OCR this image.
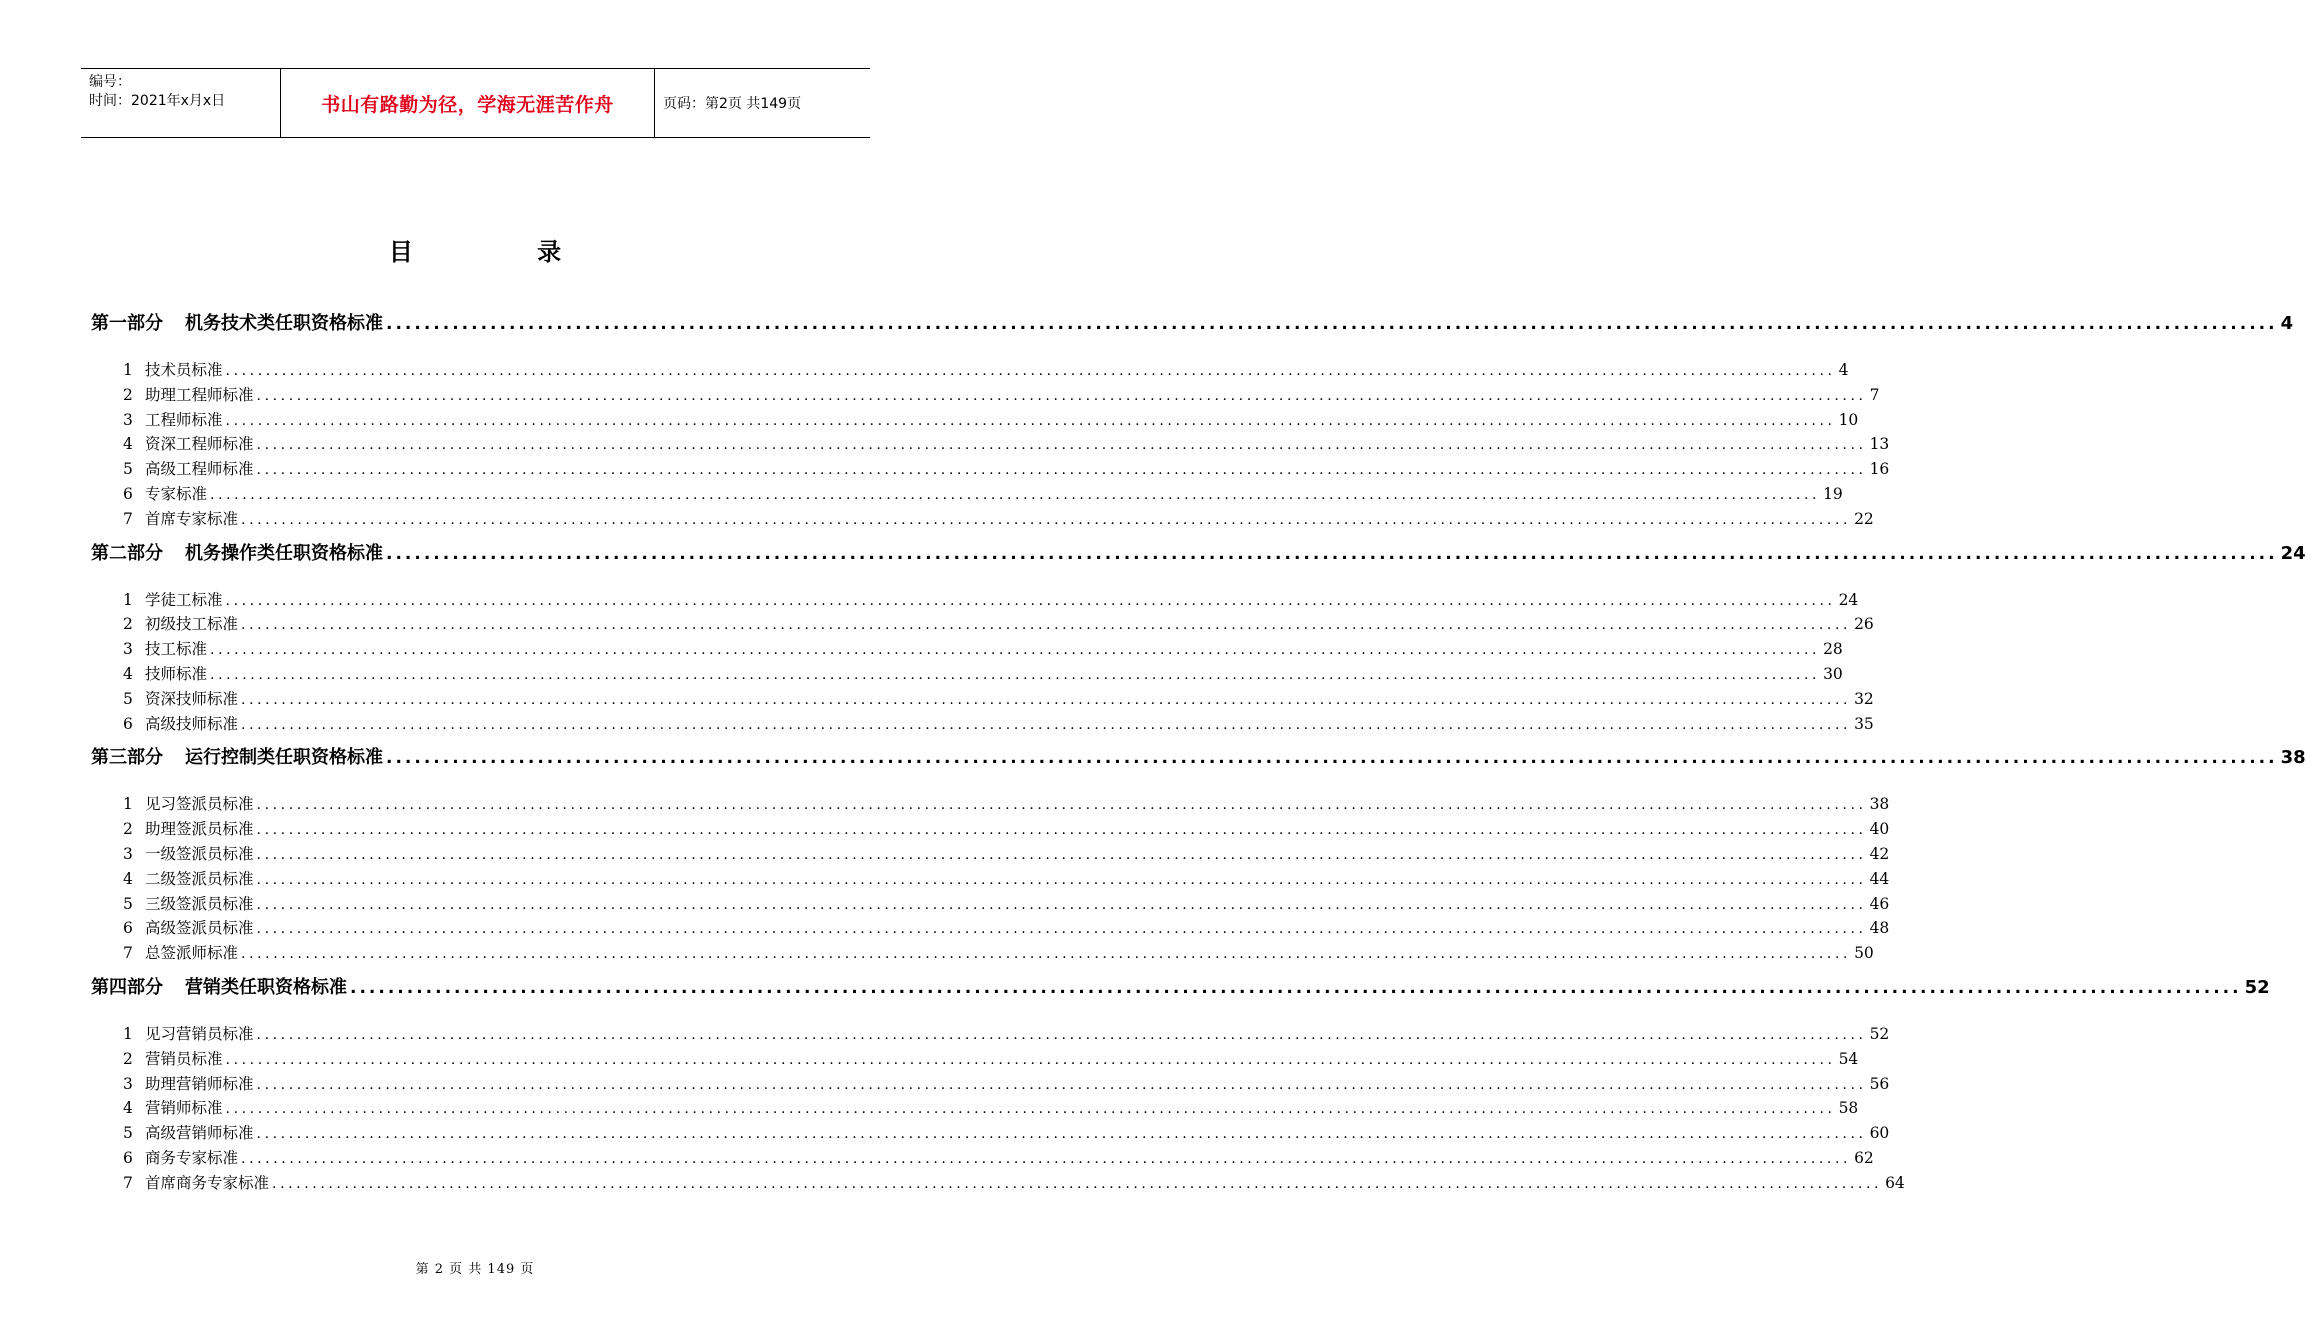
编号：
时间：2021年x月x日	书山有路勤为径，学海无涯苦作舟	页码：第2页 共149页
目 录
第一部分 机务技术类任职资格标准 ........................................................................................................................................................................................................ 4
1 技术员标准 ........................................................................................................................................................................................................ 4
2 助理工程师标准 ........................................................................................................................................................................................................ 7
3 工程师标准 ........................................................................................................................................................................................................ 10
4 资深工程师标准 ........................................................................................................................................................................................................ 13
5 高级工程师标准 ........................................................................................................................................................................................................ 16
6 专家标准 ........................................................................................................................................................................................................ 19
7 首席专家标准 ........................................................................................................................................................................................................ 22
第二部分 机务操作类任职资格标准 ........................................................................................................................................................................................................ 24
1 学徒工标准 ........................................................................................................................................................................................................ 24
2 初级技工标准 ........................................................................................................................................................................................................ 26
3 技工标准 ........................................................................................................................................................................................................ 28
4 技师标准 ........................................................................................................................................................................................................ 30
5 资深技师标准 ........................................................................................................................................................................................................ 32
6 高级技师标准 ........................................................................................................................................................................................................ 35
第三部分 运行控制类任职资格标准 ........................................................................................................................................................................................................ 38
1 见习签派员标准 ........................................................................................................................................................................................................ 38
2 助理签派员标准 ........................................................................................................................................................................................................ 40
3 一级签派员标准 ........................................................................................................................................................................................................ 42
4 二级签派员标准 ........................................................................................................................................................................................................ 44
5 三级签派员标准 ........................................................................................................................................................................................................ 46
6 高级签派员标准 ........................................................................................................................................................................................................ 48
7 总签派师标准 ........................................................................................................................................................................................................ 50
第四部分 营销类任职资格标准 ........................................................................................................................................................................................................ 52
1 见习营销员标准 ........................................................................................................................................................................................................ 52
2 营销员标准 ........................................................................................................................................................................................................ 54
3 助理营销师标准 ........................................................................................................................................................................................................ 56
4 营销师标准 ........................................................................................................................................................................................................ 58
5 高级营销师标准 ........................................................................................................................................................................................................ 60
6 商务专家标准 ........................................................................................................................................................................................................ 62
7 首席商务专家标准 ........................................................................................................................................................................................................ 64
第 2 页 共 149 页
